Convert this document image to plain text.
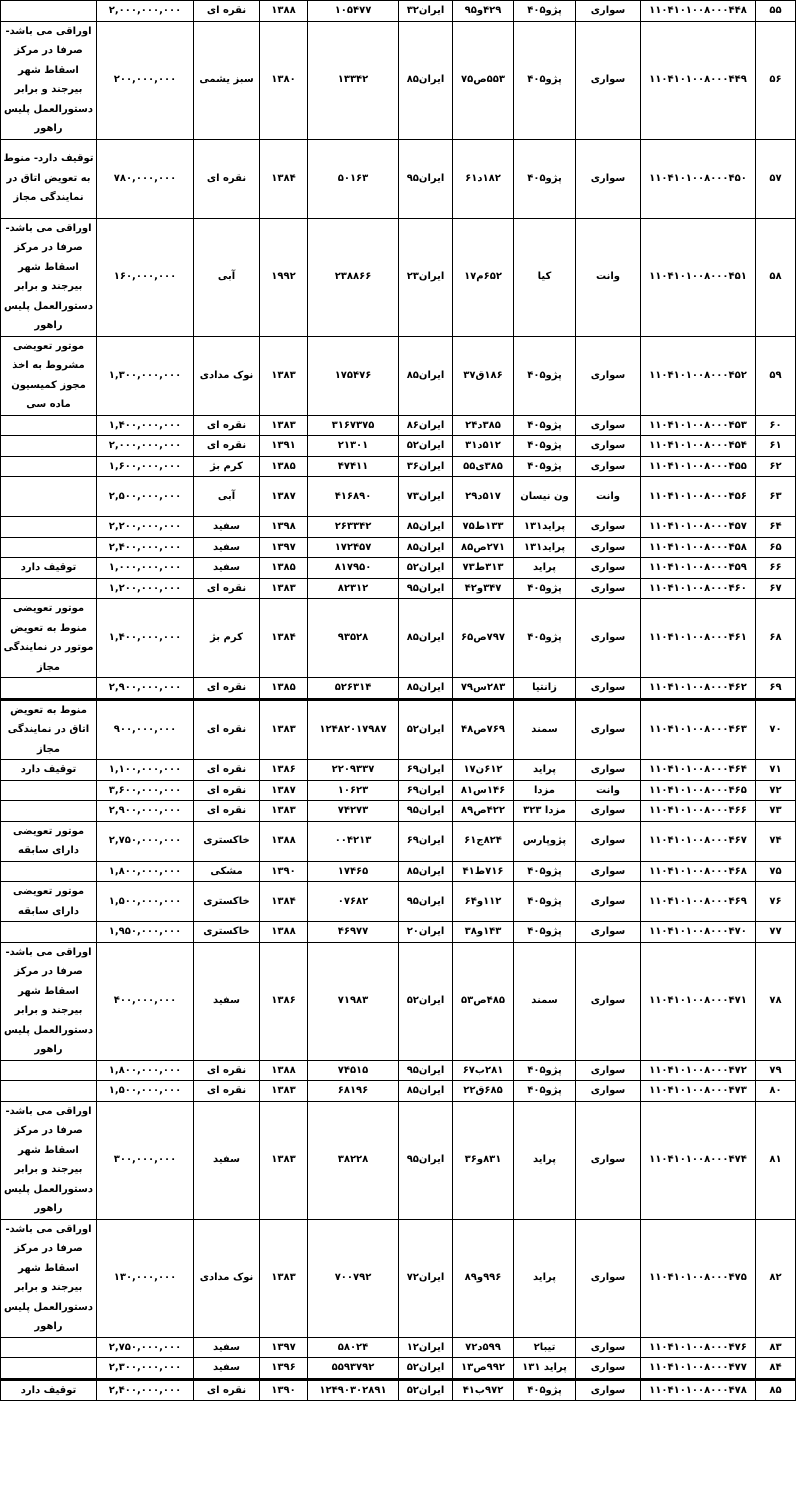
۵۵	۱۱۰۴۱۰۱۰۰۸۰۰۰۴۴۸	سواری	پژو۴۰۵	۴۲۹و۹۵	ایران۳۲	۱۰۵۴۷۷	۱۳۸۸	نقره ای	۲,۰۰۰,۰۰۰,۰۰۰	
۵۶	۱۱۰۴۱۰۱۰۰۸۰۰۰۴۴۹	سواری	پژو۴۰۵	۵۵۳ص۷۵	ایران۸۵	۱۳۳۴۲	۱۳۸۰	سبز یشمی	۲۰۰,۰۰۰,۰۰۰	اوراقی می باشد- صرفا در مرکز اسقاط شهر بیرجند و برابر دستورالعمل پلیس راهور
۵۷	۱۱۰۴۱۰۱۰۰۸۰۰۰۴۵۰	سواری	پژو۴۰۵	۱۸۲د۶۱	ایران۹۵	۵۰۱۶۳	۱۳۸۴	نقره ای	۷۸۰,۰۰۰,۰۰۰	توقیف دارد- منوط به تعویض اتاق در نمایندگی مجاز
۵۸	۱۱۰۴۱۰۱۰۰۸۰۰۰۴۵۱	وانت	کیا	۶۵۲م۱۷	ایران۲۳	۲۳۸۸۶۶	۱۹۹۲	آبی	۱۶۰,۰۰۰,۰۰۰	اوراقی می باشد- صرفا در مرکز اسقاط شهر بیرجند و برابر دستورالعمل پلیس راهور
۵۹	۱۱۰۴۱۰۱۰۰۸۰۰۰۴۵۲	سواری	پژو۴۰۵	۱۸۶ق۳۷	ایران۸۵	۱۷۵۴۷۶	۱۳۸۳	نوک مدادی	۱,۳۰۰,۰۰۰,۰۰۰	موتور تعویضی مشروط به اخذ مجوز کمیسیون ماده سی
۶۰	۱۱۰۴۱۰۱۰۰۸۰۰۰۴۵۳	سواری	پژو۴۰۵	۳۸۵د۲۴	ایران۸۶	۳۱۶۷۳۷۵	۱۳۸۳	نقره ای	۱,۴۰۰,۰۰۰,۰۰۰	
۶۱	۱۱۰۴۱۰۱۰۰۸۰۰۰۴۵۴	سواری	پژو۴۰۵	۵۱۲د۳۱	ایران۵۲	۲۱۳۰۱	۱۳۹۱	نقره ای	۲,۰۰۰,۰۰۰,۰۰۰	
۶۲	۱۱۰۴۱۰۱۰۰۸۰۰۰۴۵۵	سواری	پژو۴۰۵	۳۸۵ی۵۵	ایران۳۶	۴۷۴۱۱	۱۳۸۵	کرم بژ	۱,۶۰۰,۰۰۰,۰۰۰	
۶۳	۱۱۰۴۱۰۱۰۰۸۰۰۰۴۵۶	وانت	ون نیسان	۵۱۷د۲۹	ایران۷۳	۴۱۶۸۹۰	۱۳۸۷	آبی	۲,۵۰۰,۰۰۰,۰۰۰	
۶۴	۱۱۰۴۱۰۱۰۰۸۰۰۰۴۵۷	سواری	پراید۱۳۱	۱۳۳ط۷۵	ایران۸۵	۲۶۳۳۴۲	۱۳۹۸	سفید	۲,۲۰۰,۰۰۰,۰۰۰	
۶۵	۱۱۰۴۱۰۱۰۰۸۰۰۰۴۵۸	سواری	پراید۱۳۱	۲۷۱ص۸۵	ایران۸۵	۱۷۲۴۵۷	۱۳۹۷	سفید	۲,۴۰۰,۰۰۰,۰۰۰	
۶۶	۱۱۰۴۱۰۱۰۰۸۰۰۰۴۵۹	سواری	پراید	۳۱۳ط۷۳	ایران۵۲	۸۱۷۹۵۰	۱۳۸۵	سفید	۱,۰۰۰,۰۰۰,۰۰۰	توقیف دارد
۶۷	۱۱۰۴۱۰۱۰۰۸۰۰۰۴۶۰	سواری	پژو۴۰۵	۳۴۷و۴۲	ایران۹۵	۸۲۳۱۲	۱۳۸۳	نقره ای	۱,۲۰۰,۰۰۰,۰۰۰	
۶۸	۱۱۰۴۱۰۱۰۰۸۰۰۰۴۶۱	سواری	پژو۴۰۵	۷۹۷ص۶۵	ایران۸۵	۹۳۵۲۸	۱۳۸۴	کرم بژ	۱,۴۰۰,۰۰۰,۰۰۰	موتور تعویضی منوط به تعویض موتور در نمایندگی مجاز
۶۹	۱۱۰۴۱۰۱۰۰۸۰۰۰۴۶۲	سواری	زانتیا	۲۸۳س۷۹	ایران۸۵	۵۲۶۳۱۴	۱۳۸۵	نقره ای	۲,۹۰۰,۰۰۰,۰۰۰	
۷۰	۱۱۰۴۱۰۱۰۰۸۰۰۰۴۶۳	سواری	سمند	۷۶۹ص۴۸	ایران۵۲	۱۲۴۸۲۰۱۷۹۸۷	۱۳۸۳	نقره ای	۹۰۰,۰۰۰,۰۰۰	منوط به تعویض اتاق در نمایندگی مجاز
۷۱	۱۱۰۴۱۰۱۰۰۸۰۰۰۴۶۴	سواری	پراید	۶۱۲ن۱۷	ایران۶۹	۲۲۰۹۳۳۷	۱۳۸۶	نقره ای	۱,۱۰۰,۰۰۰,۰۰۰	توقیف دارد
۷۲	۱۱۰۴۱۰۱۰۰۸۰۰۰۴۶۵	وانت	مزدا	۱۴۶س۸۱	ایران۶۹	۱۰۶۲۳	۱۳۸۷	نقره ای	۳,۶۰۰,۰۰۰,۰۰۰	
۷۳	۱۱۰۴۱۰۱۰۰۸۰۰۰۴۶۶	سواری	مزدا ۳۲۳	۴۲۲ص۸۹	ایران۹۵	۷۴۲۷۳	۱۳۸۳	نقره ای	۲,۹۰۰,۰۰۰,۰۰۰	
۷۴	۱۱۰۴۱۰۱۰۰۸۰۰۰۴۶۷	سواری	پژوپارس	۸۲۴ج۶۱	ایران۶۹	۰۰۴۲۱۳	۱۳۸۸	خاکستری	۲,۷۵۰,۰۰۰,۰۰۰	موتور تعویضی دارای سابقه
۷۵	۱۱۰۴۱۰۱۰۰۸۰۰۰۴۶۸	سواری	پژو۴۰۵	۷۱۶ط۴۱	ایران۸۵	۱۷۴۶۵	۱۳۹۰	مشکی	۱,۸۰۰,۰۰۰,۰۰۰	
۷۶	۱۱۰۴۱۰۱۰۰۸۰۰۰۴۶۹	سواری	پژو۴۰۵	۱۱۲و۶۴	ایران۹۵	۰۷۶۸۲	۱۳۸۴	خاکستری	۱,۵۰۰,۰۰۰,۰۰۰	موتور تعویضی دارای سابقه
۷۷	۱۱۰۴۱۰۱۰۰۸۰۰۰۴۷۰	سواری	پژو۴۰۵	۱۴۳و۳۸	ایران۲۰	۴۶۹۷۷	۱۳۸۸	خاکستری	۱,۹۵۰,۰۰۰,۰۰۰	
۷۸	۱۱۰۴۱۰۱۰۰۸۰۰۰۴۷۱	سواری	سمند	۴۸۵ص۵۳	ایران۵۲	۷۱۹۸۳	۱۳۸۶	سفید	۴۰۰,۰۰۰,۰۰۰	اوراقی می باشد- صرفا در مرکز اسقاط شهر بیرجند و برابر دستورالعمل پلیس راهور
۷۹	۱۱۰۴۱۰۱۰۰۸۰۰۰۴۷۲	سواری	پژو۴۰۵	۲۸۱ب۶۷	ایران۹۵	۷۴۵۱۵	۱۳۸۸	نقره ای	۱,۸۰۰,۰۰۰,۰۰۰	
۸۰	۱۱۰۴۱۰۱۰۰۸۰۰۰۴۷۳	سواری	پژو۴۰۵	۶۸۵ق۲۲	ایران۸۵	۶۸۱۹۶	۱۳۸۳	نقره ای	۱,۵۰۰,۰۰۰,۰۰۰	
۸۱	۱۱۰۴۱۰۱۰۰۸۰۰۰۴۷۴	سواری	پراید	۸۳۱و۳۶	ایران۹۵	۳۸۲۲۸	۱۳۸۳	سفید	۳۰۰,۰۰۰,۰۰۰	اوراقی می باشد- صرفا در مرکز اسقاط شهر بیرجند و برابر دستورالعمل پلیس راهور
۸۲	۱۱۰۴۱۰۱۰۰۸۰۰۰۴۷۵	سواری	پراید	۹۹۶و۸۹	ایران۷۲	۷۰۰۷۹۲	۱۳۸۳	نوک مدادی	۱۳۰,۰۰۰,۰۰۰	اوراقی می باشد- صرفا در مرکز اسقاط شهر بیرجند و برابر دستورالعمل پلیس راهور
۸۳	۱۱۰۴۱۰۱۰۰۸۰۰۰۴۷۶	سواری	تیبا۲	۵۹۹د۷۲	ایران۱۲	۵۸۰۲۴	۱۳۹۷	سفید	۲,۷۵۰,۰۰۰,۰۰۰	
۸۴	۱۱۰۴۱۰۱۰۰۸۰۰۰۴۷۷	سواری	پراید ۱۳۱	۹۹۲ص۱۳	ایران۵۲	۵۵۹۳۷۹۲	۱۳۹۶	سفید	۲,۳۰۰,۰۰۰,۰۰۰	
۸۵	۱۱۰۴۱۰۱۰۰۸۰۰۰۴۷۸	سواری	پژو۴۰۵	۹۷۲ب۴۱	ایران۵۲	۱۲۴۹۰۳۰۲۸۹۱	۱۳۹۰	نقره ای	۲,۴۰۰,۰۰۰,۰۰۰	توقیف دارد
